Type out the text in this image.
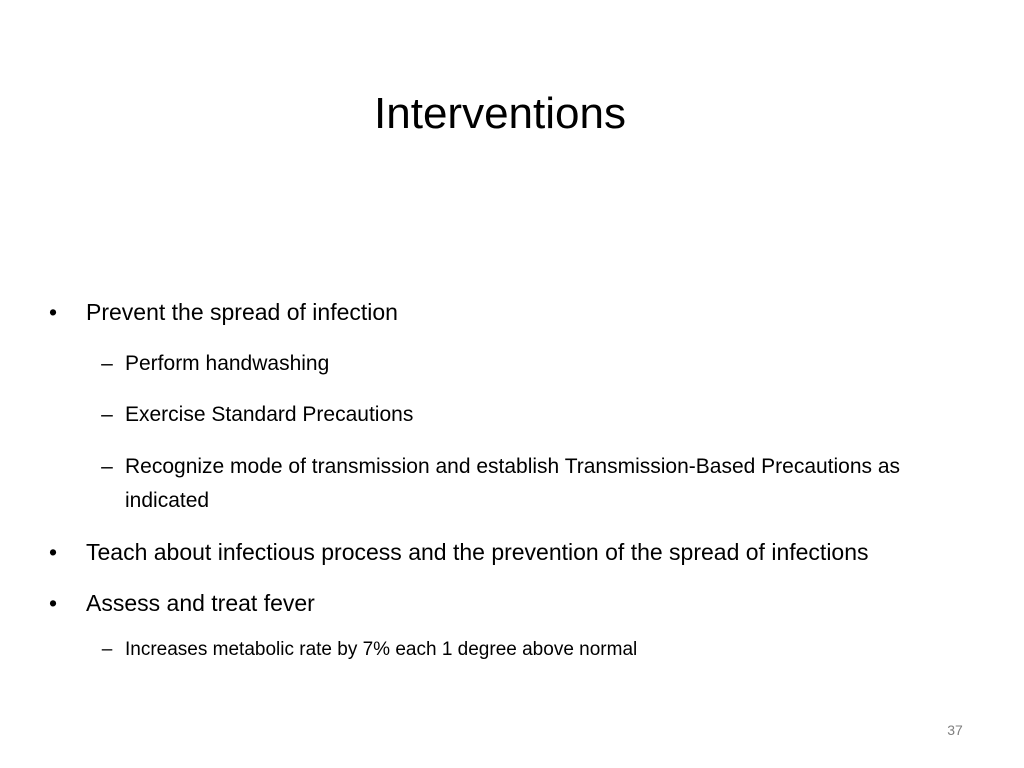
Interventions
• Prevent the spread of infection
– Perform handwashing
– Exercise Standard Precautions
– Recognize mode of transmission and establish Transmission-Based Precautions as indicated
• Teach about infectious process and the prevention of the spread of infections
• Assess and treat fever
– Increases metabolic rate by 7% each 1 degree above normal
37
